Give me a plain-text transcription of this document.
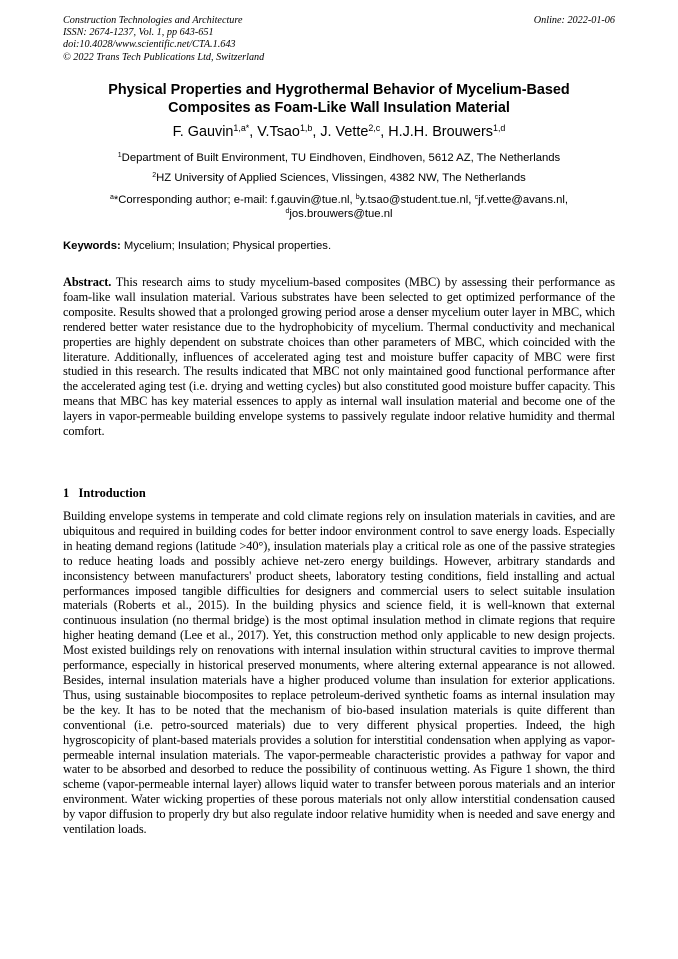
Construction Technologies and Architecture
ISSN: 2674-1237, Vol. 1, pp 643-651
doi:10.4028/www.scientific.net/CTA.1.643
© 2022 Trans Tech Publications Ltd, Switzerland
Online: 2022-01-06
Physical Properties and Hygrothermal Behavior of Mycelium-Based
Composites as Foam-Like Wall Insulation Material
F. Gauvin$^{1,a*}$, V.Tsao$^{1,b}$, J. Vette$^{2,c}$, H.J.H. Brouwers$^{1,d}$
$^1$Department of Built Environment, TU Eindhoven, Eindhoven, 5612 AZ, The Netherlands
$^2$HZ University of Applied Sciences, Vlissingen, 4382 NW, The Netherlands
$^a$*Corresponding author; e-mail: f.gauvin@tue.nl, $^b$y.tsao@student.tue.nl, $^c$jf.vette@avans.nl,
$^d$jos.brouwers@tue.nl
Keywords: Mycelium; Insulation; Physical properties.
Abstract. This research aims to study mycelium-based composites (MBC) by assessing their performance as foam-like wall insulation material. Various substrates have been selected to get optimized performance of the composite. Results showed that a prolonged growing period arose a denser mycelium outer layer in MBC, which rendered better water resistance due to the hydrophobicity of mycelium. Thermal conductivity and mechanical properties are highly dependent on substrate choices than other parameters of MBC, which coincided with the literature. Additionally, influences of accelerated aging test and moisture buffer capacity of MBC were first studied in this research. The results indicated that MBC not only maintained good functional performance after the accelerated aging test (i.e. drying and wetting cycles) but also constituted good moisture buffer capacity. This means that MBC has key material essences to apply as internal wall insulation material and become one of the layers in vapor-permeable building envelope systems to passively regulate indoor relative humidity and thermal comfort.
1 Introduction
Building envelope systems in temperate and cold climate regions rely on insulation materials in cavities, and are ubiquitous and required in building codes for better indoor environment control to save energy loads. Especially in heating demand regions (latitude >40°), insulation materials play a critical role as one of the passive strategies to reduce heating loads and possibly achieve net-zero energy buildings. However, arbitrary standards and inconsistency between manufacturers' product sheets, laboratory testing conditions, field installing and actual performances imposed tangible difficulties for designers and commercial users to select suitable insulation materials (Roberts et al., 2015). In the building physics and science field, it is well-known that external continuous insulation (no thermal bridge) is the most optimal insulation method in climate regions that require higher heating demand (Lee et al., 2017). Yet, this construction method only applicable to new design projects. Most existed buildings rely on renovations with internal insulation within structural cavities to improve thermal performance, especially in historical preserved monuments, where altering external appearance is not allowed. Besides, internal insulation materials have a higher produced volume than insulation for exterior applications. Thus, using sustainable biocomposites to replace petroleum-derived synthetic foams as internal insulation may be the key. It has to be noted that the mechanism of bio-based insulation materials is quite different than conventional (i.e. petro-sourced materials) due to very different physical properties. Indeed, the high hygroscopicity of plant-based materials provides a solution for interstitial condensation when applying as vapor-permeable internal insulation materials. The vapor-permeable characteristic provides a pathway for vapor and water to be absorbed and desorbed to reduce the possibility of continuous wetting. As Figure 1 shown, the third scheme (vapor-permeable internal layer) allows liquid water to transfer between porous materials and an interior environment. Water wicking properties of these porous materials not only allow interstitial condensation caused by vapor diffusion to properly dry but also regulate indoor relative humidity when is needed and save energy and ventilation loads.
